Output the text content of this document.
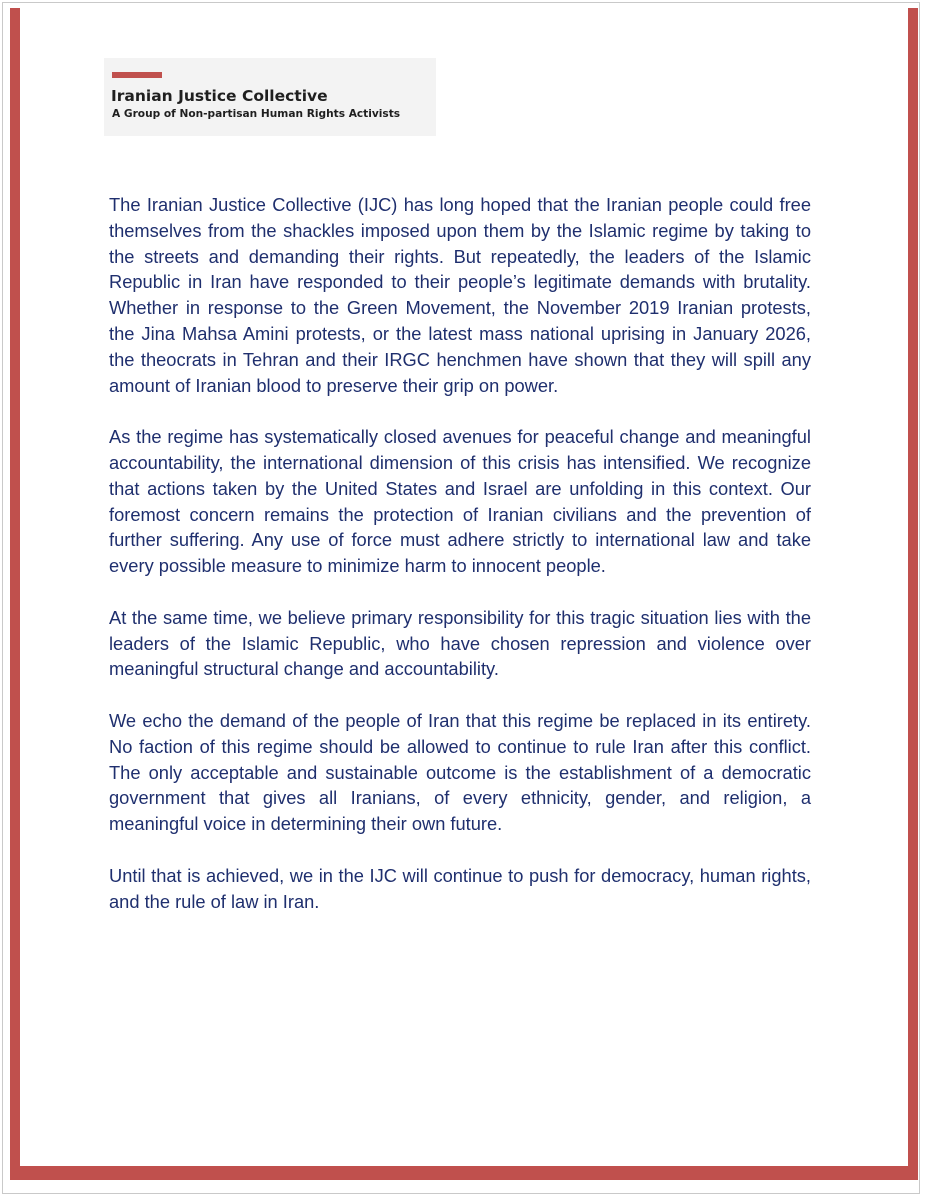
Iranian Justice Collective
A Group of Non-partisan Human Rights Activists

The Iranian Justice Collective (IJC) has long hoped that the Iranian people could free themselves from the shackles imposed upon them by the Islamic regime by taking to the streets and demanding their rights. But repeatedly, the leaders of the Islamic Republic in Iran have responded to their people’s legitimate demands with brutality. Whether in response to the Green Movement, the November 2019 Iranian protests, the Jina Mahsa Amini protests, or the latest mass national uprising in January 2026, the theocrats in Tehran and their IRGC henchmen have shown that they will spill any amount of Iranian blood to preserve their grip on power.

As the regime has systematically closed avenues for peaceful change and meaningful accountability, the international dimension of this crisis has intensified. We recognize that actions taken by the United States and Israel are unfolding in this context. Our foremost concern remains the protection of Iranian civilians and the prevention of further suffering. Any use of force must adhere strictly to international law and take every possible measure to minimize harm to innocent people.

At the same time, we believe primary responsibility for this tragic situation lies with the leaders of the Islamic Republic, who have chosen repression and violence over meaningful structural change and accountability.

We echo the demand of the people of Iran that this regime be replaced in its entirety. No faction of this regime should be allowed to continue to rule Iran after this conflict. The only acceptable and sustainable outcome is the establishment of a democratic government that gives all Iranians, of every ethnicity, gender, and religion, a meaningful voice in determining their own future.

Until that is achieved, we in the IJC will continue to push for democracy, human rights, and the rule of law in Iran.
